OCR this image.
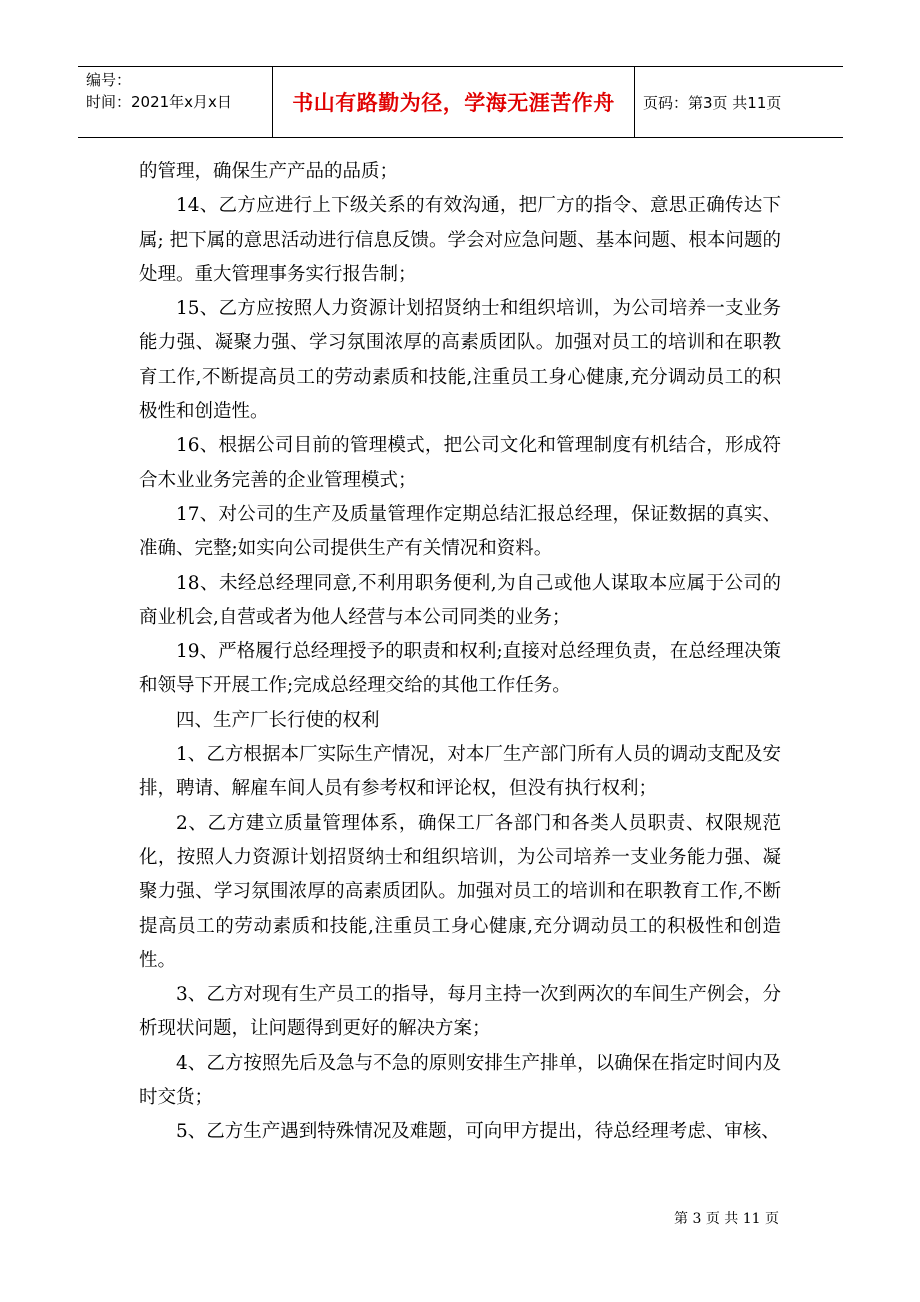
编号：
时间：2021年x月x日	书山有路勤为径，学海无涯苦作舟	页码：第3页 共11页

的管理，确保生产产品的品质；

14、乙方应进行上下级关系的有效沟通，把厂方的指令、意思正确传达下属; 把下属的意思活动进行信息反馈。学会对应急问题、基本问题、根本问题的处理。重大管理事务实行报告制；

15、乙方应按照人力资源计划招贤纳士和组织培训，为公司培养一支业务能力强、凝聚力强、学习氛围浓厚的高素质团队。加强对员工的培训和在职教育工作,不断提高员工的劳动素质和技能,注重员工身心健康,充分调动员工的积极性和创造性。

16、根据公司目前的管理模式，把公司文化和管理制度有机结合，形成符合木业业务完善的企业管理模式；

17、对公司的生产及质量管理作定期总结汇报总经理，保证数据的真实、准确、完整;如实向公司提供生产有关情况和资料。

18、未经总经理同意,不利用职务便利,为自己或他人谋取本应属于公司的商业机会,自营或者为他人经营与本公司同类的业务；

19、严格履行总经理授予的职责和权利;直接对总经理负责，在总经理决策和领导下开展工作;完成总经理交给的其他工作任务。

四、生产厂长行使的权利

1、乙方根据本厂实际生产情况，对本厂生产部门所有人员的调动支配及安排，聘请、解雇车间人员有参考权和评论权，但没有执行权利；

2、乙方建立质量管理体系，确保工厂各部门和各类人员职责、权限规范化，按照人力资源计划招贤纳士和组织培训，为公司培养一支业务能力强、凝聚力强、学习氛围浓厚的高素质团队。加强对员工的培训和在职教育工作,不断提高员工的劳动素质和技能,注重员工身心健康,充分调动员工的积极性和创造性。

3、乙方对现有生产员工的指导，每月主持一次到两次的车间生产例会，分析现状问题，让问题得到更好的解决方案；

4、乙方按照先后及急与不急的原则安排生产排单，以确保在指定时间内及时交货；

5、乙方生产遇到特殊情况及难题，可向甲方提出，待总经理考虑、审核、

第 3 页 共 11 页
